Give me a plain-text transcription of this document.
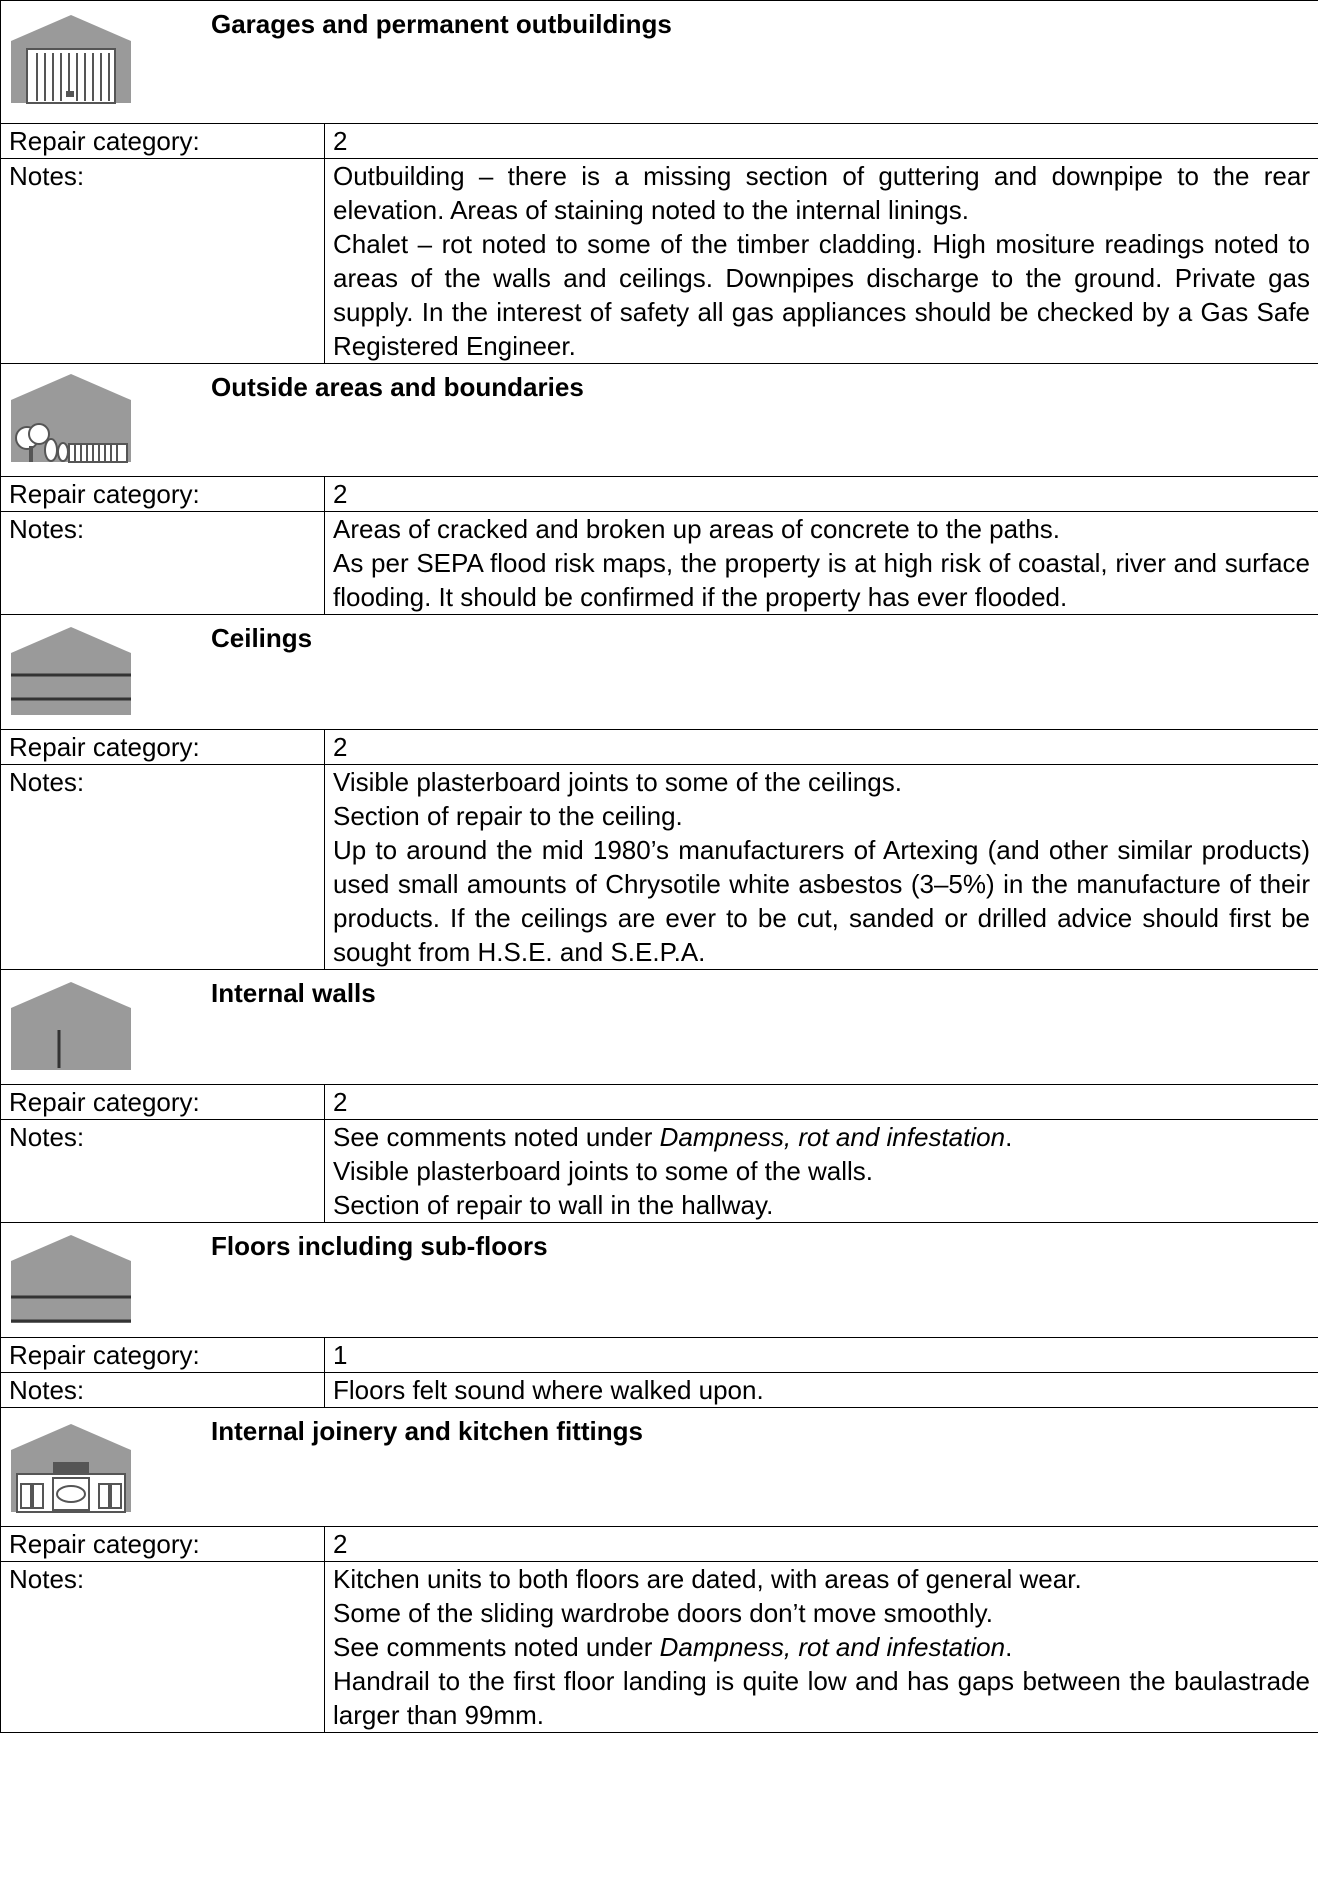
Garages and permanent outbuildings	

Repair category:	2
Notes:	Outbuilding – there is a missing section of guttering and downpipe to the rear elevation. Areas of staining noted to the internal linings.

Chalet – rot noted to some of the timber cladding. High mositure readings noted to areas of the walls and ceilings. Downpipes discharge to the ground. Private gas supply. In the interest of safety all gas appliances should be checked by a Gas Safe Registered Engineer.

Outside areas and boundaries	

Repair category:	2
Notes:	Areas of cracked and broken up areas of concrete to the paths.

As per SEPA flood risk maps, the property is at high risk of coastal, river and surface flooding. It should be confirmed if the property has ever flooded.

Ceilings	

Repair category:	2
Notes:	Visible plasterboard joints to some of the ceilings.

Section of repair to the ceiling.

Up to around the mid 1980’s manufacturers of Artexing (and other similar products) used small amounts of Chrysotile white asbestos (3–5%) in the manufacture of their products. If the ceilings are ever to be cut, sanded or drilled advice should first be sought from H.S.E. and S.E.P.A.

Internal walls	

Repair category:	2
Notes:	See comments noted under Dampness, rot and infestation.

Visible plasterboard joints to some of the walls.

Section of repair to wall in the hallway.

Floors including sub-floors	

Repair category:	1
Notes:	Floors felt sound where walked upon.

Internal joinery and kitchen fittings	

Repair category:	2
Notes:	Kitchen units to both floors are dated, with areas of general wear.

Some of the sliding wardrobe doors don’t move smoothly.

See comments noted under Dampness, rot and infestation.

Handrail to the first floor landing is quite low and has gaps between the baulastrade larger than 99mm.
